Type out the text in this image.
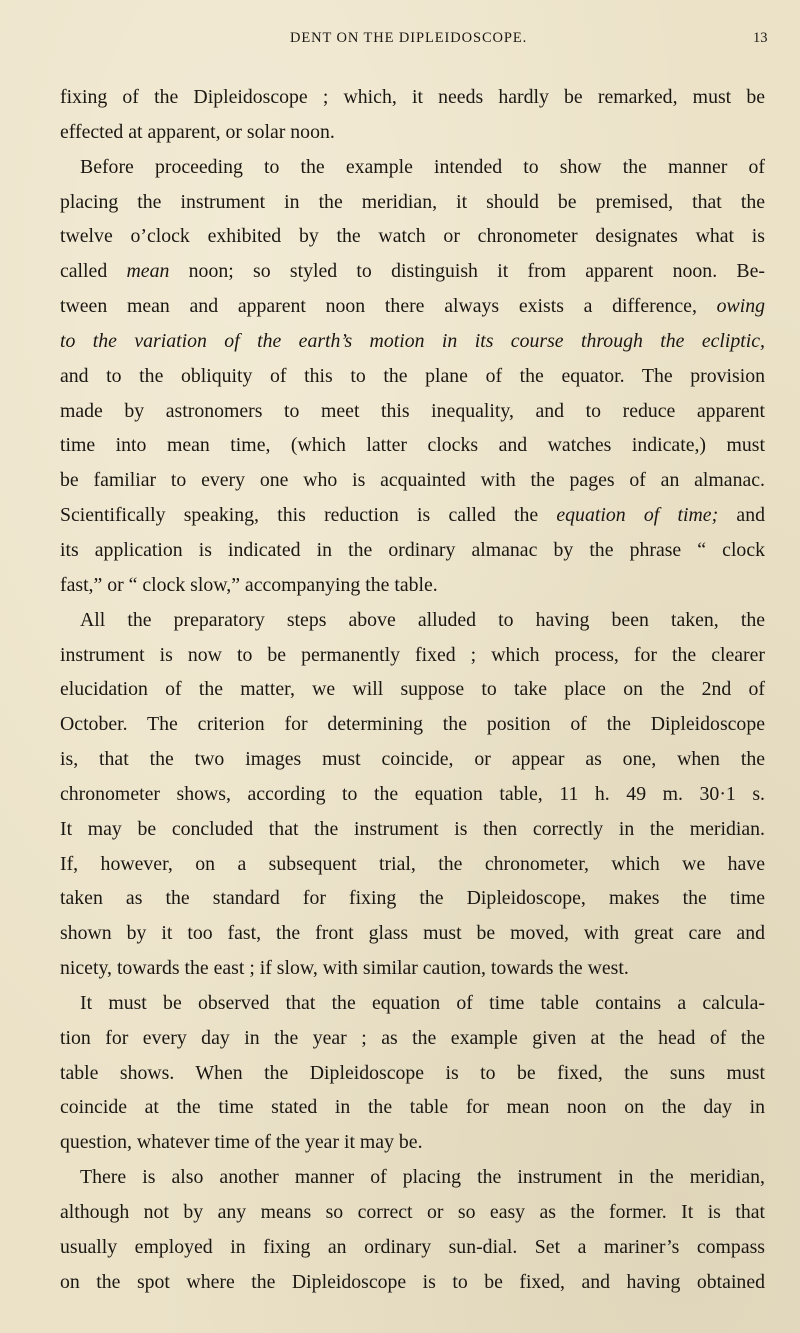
DENT ON THE DIPLEIDOSCOPE.	13

fixing of the Dipleidoscope ; which, it needs hardly be remarked, must be
effected at apparent, or solar noon.

Before proceeding to the example intended to show the manner of
placing the instrument in the meridian, it should be premised, that the
twelve o’clock exhibited by the watch or chronometer designates what is
called mean noon; so styled to distinguish it from apparent noon. Be-
tween mean and apparent noon there always exists a difference, owing
to the variation of the earth’s motion in its course through the ecliptic,
and to the obliquity of this to the plane of the equator. The provision
made by astronomers to meet this inequality, and to reduce apparent
time into mean time, (which latter clocks and watches indicate,) must
be familiar to every one who is acquainted with the pages of an almanac.
Scientifically speaking, this reduction is called the equation of time; and
its application is indicated in the ordinary almanac by the phrase “ clock
fast,” or “ clock slow,” accompanying the table.

All the preparatory steps above alluded to having been taken, the
instrument is now to be permanently fixed ; which process, for the clearer
elucidation of the matter, we will suppose to take place on the 2nd of
October. The criterion for determining the position of the Dipleidoscope
is, that the two images must coincide, or appear as one, when the
chronometer shows, according to the equation table, 11 h. 49 m. 30·1 s.
It may be concluded that the instrument is then correctly in the meridian.
If, however, on a subsequent trial, the chronometer, which we have
taken as the standard for fixing the Dipleidoscope, makes the time
shown by it too fast, the front glass must be moved, with great care and
nicety, towards the east ; if slow, with similar caution, towards the west.

It must be observed that the equation of time table contains a calcula-
tion for every day in the year ; as the example given at the head of the
table shows. When the Dipleidoscope is to be fixed, the suns must
coincide at the time stated in the table for mean noon on the day in
question, whatever time of the year it may be.

There is also another manner of placing the instrument in the meridian,
although not by any means so correct or so easy as the former. It is that
usually employed in fixing an ordinary sun-dial. Set a mariner’s compass
on the spot where the Dipleidoscope is to be fixed, and having obtained
